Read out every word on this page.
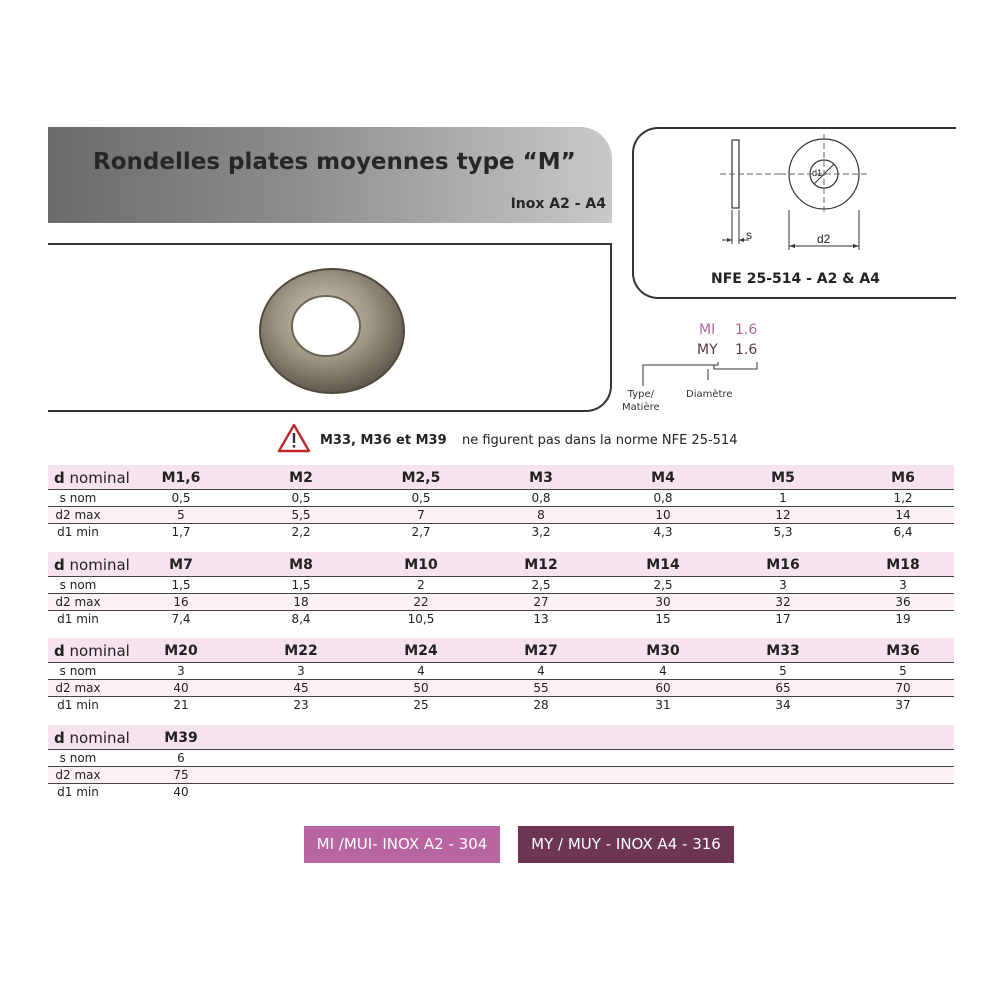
Rondelles plates moyennes type “M”
Inox A2 - A4
s
d1
d2
NFE 25-514 - A2 & A4
MI 1.6
MY 1.6
Type/
Matière
Diamètre
M33, M36 et M39 ne figurent pas dans la norme NFE 25-514
d nominal	M1,6	M2	M2,5	M3	M4	M5	M6
s nom	0,5	0,5	0,5	0,8	0,8	1	1,2
d2 max	5	5,5	7	8	10	12	14
d1 min	1,7	2,2	2,7	3,2	4,3	5,3	6,4
d nominal	M7	M8	M10	M12	M14	M16	M18
s nom	1,5	1,5	2	2,5	2,5	3	3
d2 max	16	18	22	27	30	32	36
d1 min	7,4	8,4	10,5	13	15	17	19
d nominal	M20	M22	M24	M27	M30	M33	M36
s nom	3	3	4	4	4	5	5
d2 max	40	45	50	55	60	65	70
d1 min	21	23	25	28	31	34	37
d nominal	M39
s nom	6
d2 max	75
d1 min	40
MI /MUI- INOX A2 - 304	MY / MUY - INOX A4 - 316
